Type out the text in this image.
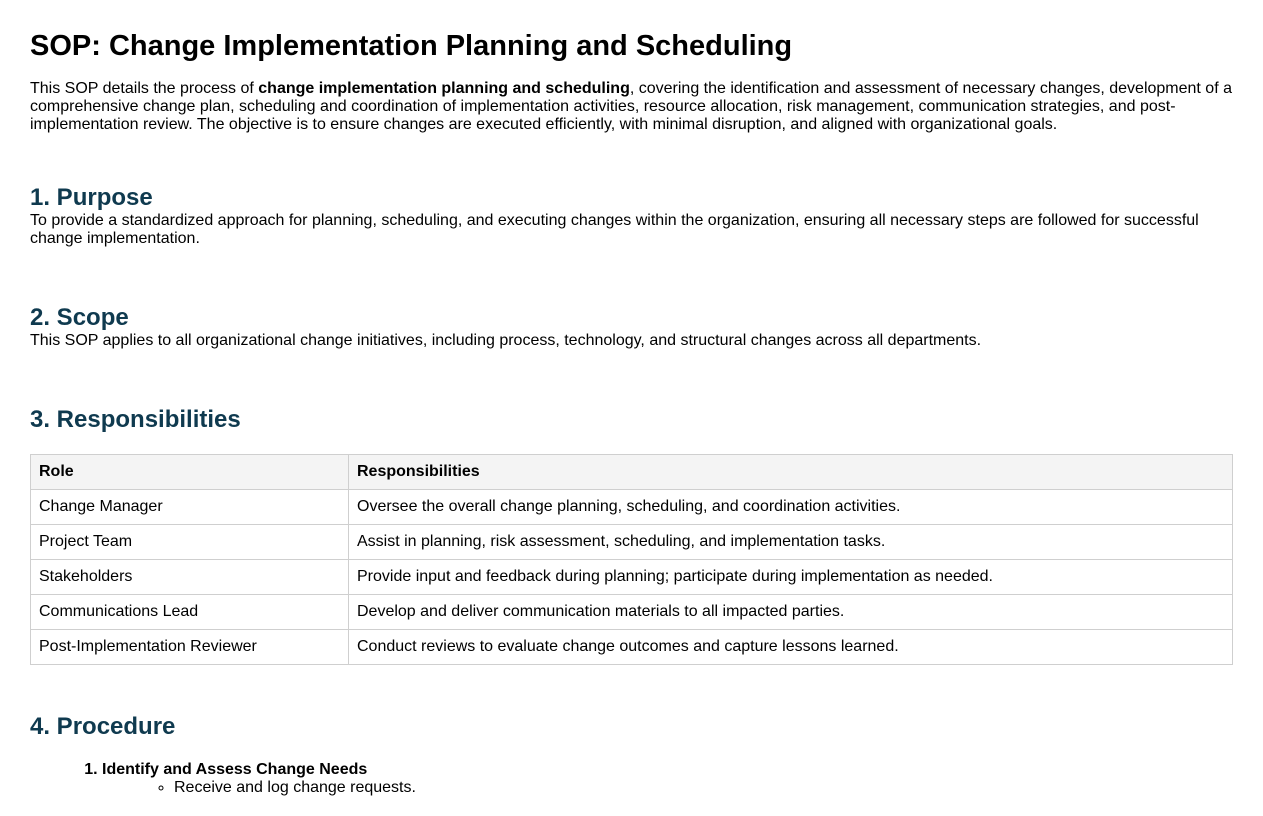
SOP: Change Implementation Planning and Scheduling

This SOP details the process of change implementation planning and scheduling, covering the identification and assessment of necessary changes, development of a comprehensive change plan, scheduling and coordination of implementation activities, resource allocation, risk management, communication strategies, and post-implementation review. The objective is to ensure changes are executed efficiently, with minimal disruption, and aligned with organizational goals.

1. Purpose

To provide a standardized approach for planning, scheduling, and executing changes within the organization, ensuring all necessary steps are followed for successful change implementation.

2. Scope

This SOP applies to all organizational change initiatives, including process, technology, and structural changes across all departments.

3. Responsibilities
Role	Responsibilities
Change Manager	Oversee the overall change planning, scheduling, and coordination activities.
Project Team	Assist in planning, risk assessment, scheduling, and implementation tasks.
Stakeholders	Provide input and feedback during planning; participate during implementation as needed.
Communications Lead	Develop and deliver communication materials to all impacted parties.
Post-Implementation Reviewer	Conduct reviews to evaluate change outcomes and capture lessons learned.
4. Procedure
1. Identify and Assess Change Needs
◦ Receive and log change requests.
